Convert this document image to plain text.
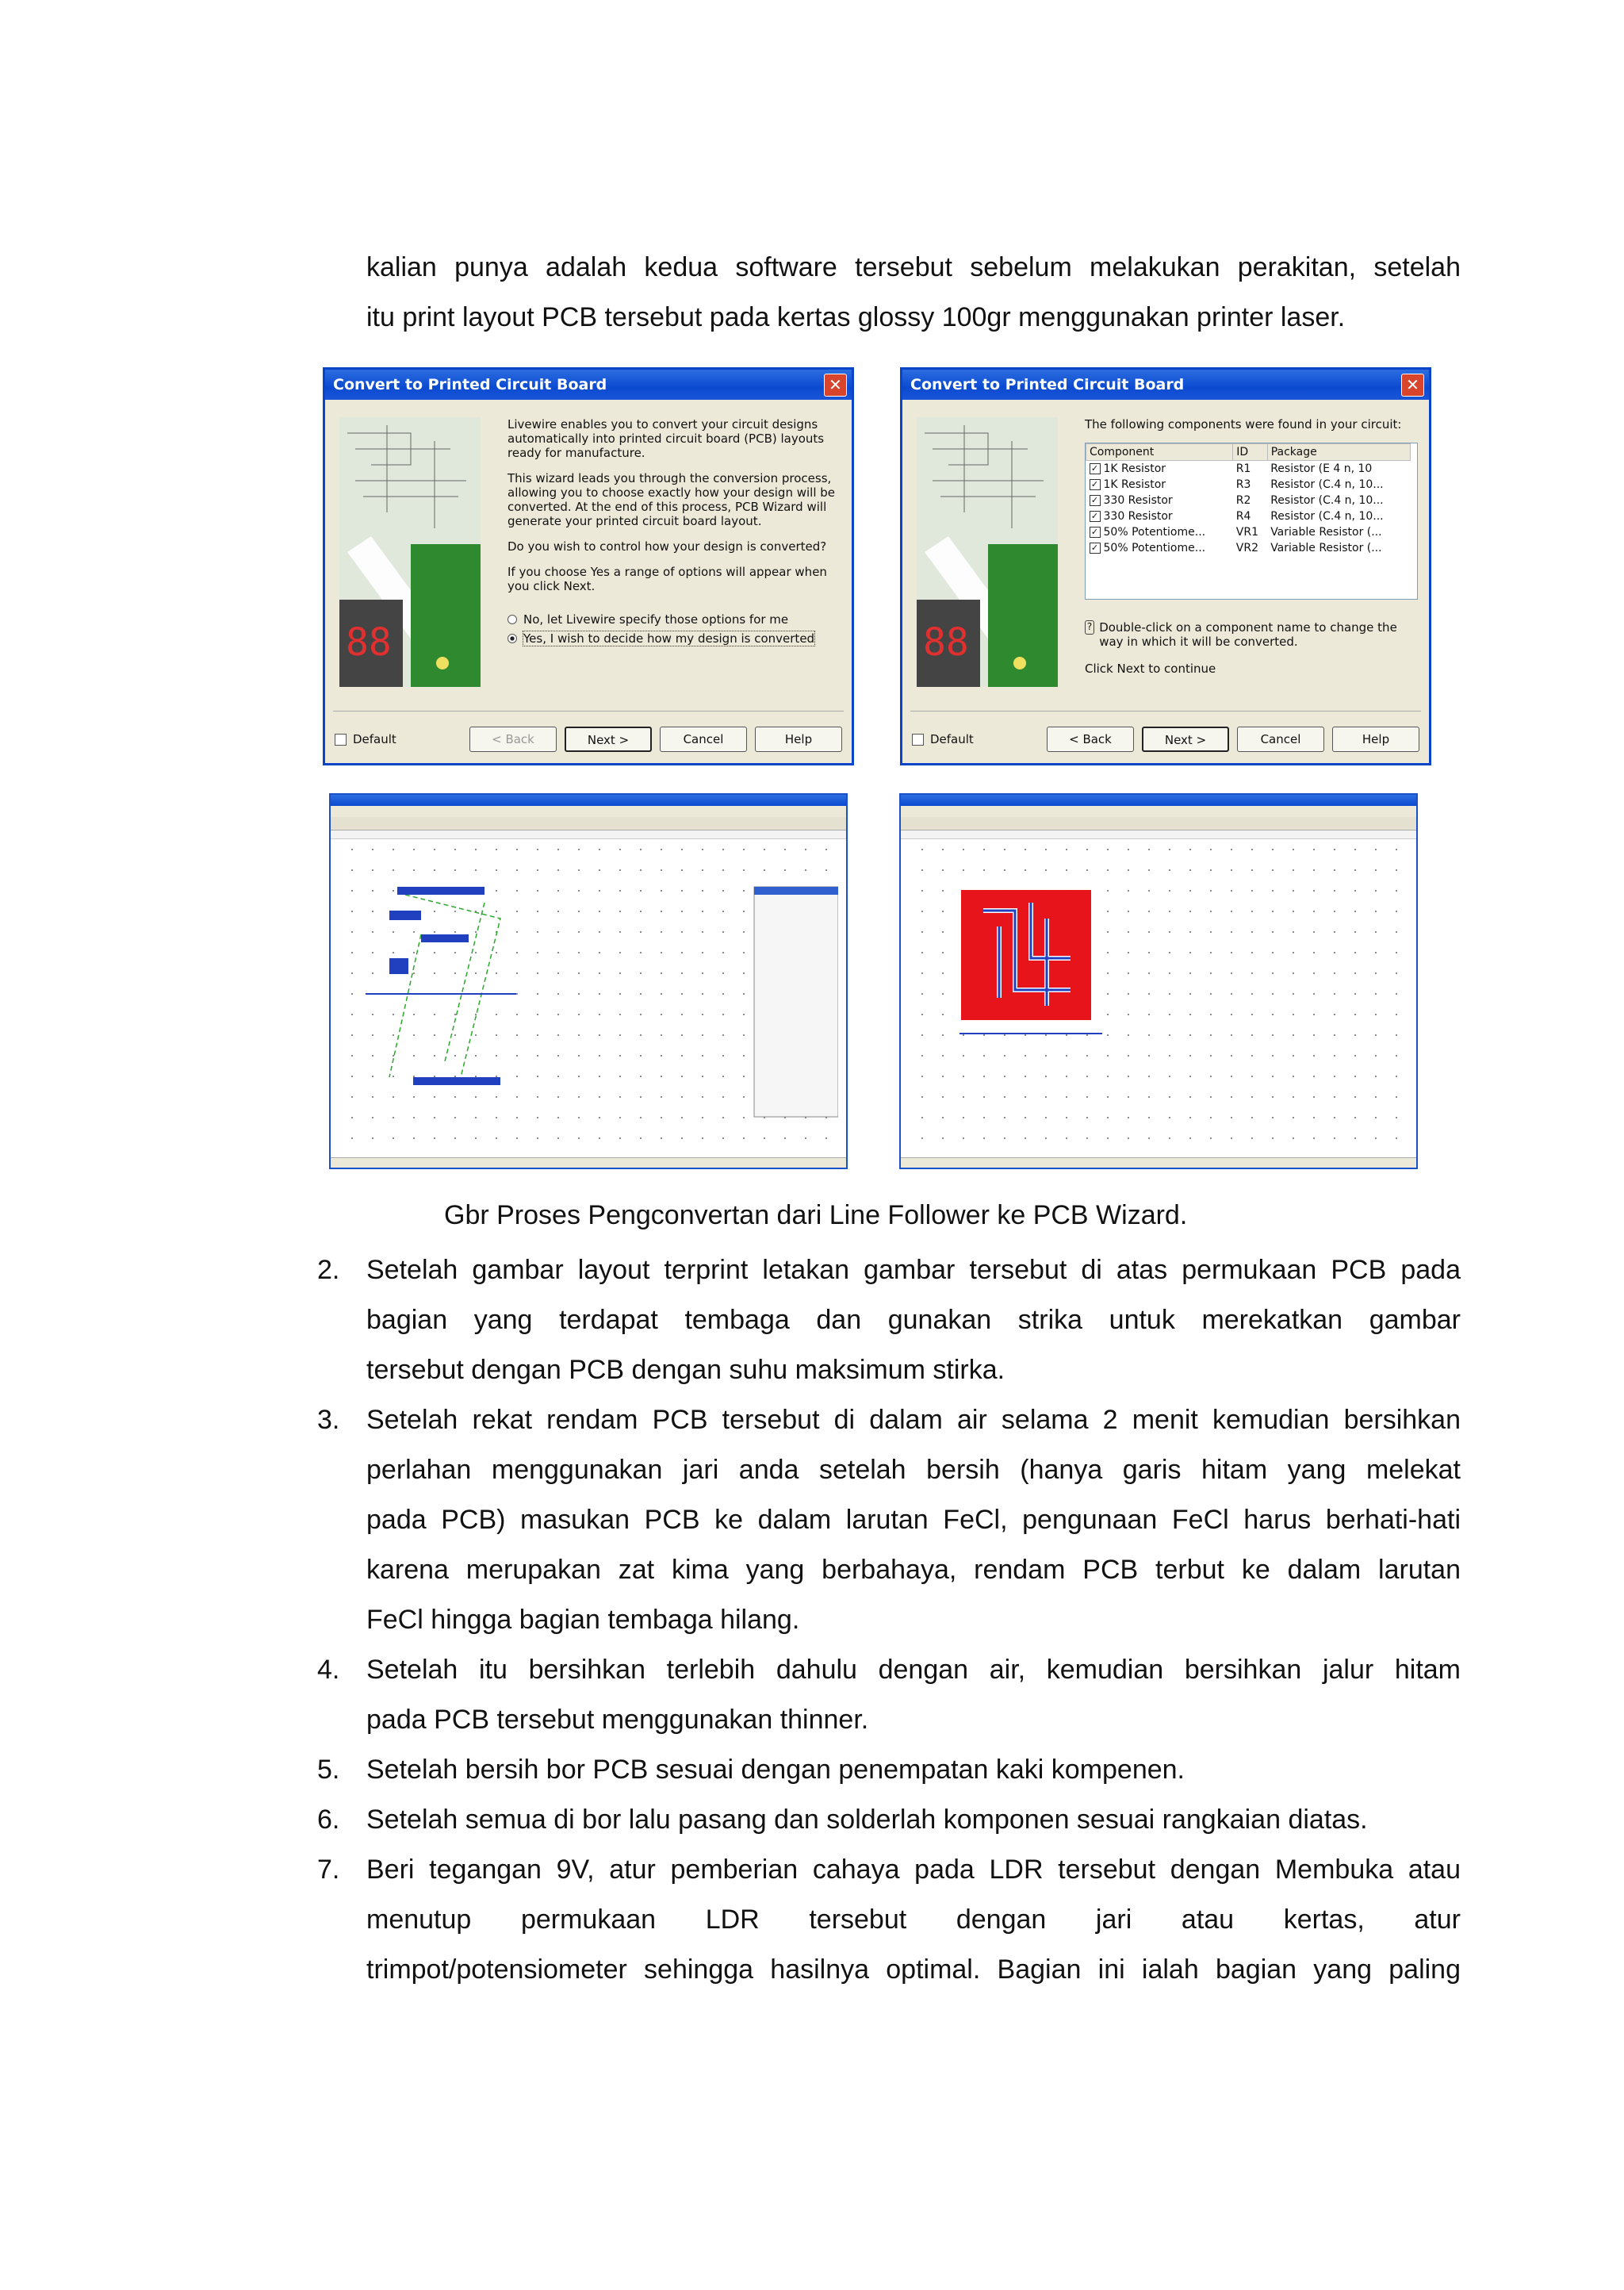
kalian punya adalah kedua software tersebut sebelum melakukan perakitan, setelah
itu print layout PCB tersebut pada kertas glossy 100gr menggunakan printer laser.
Convert to Printed Circuit Board	✕
88

Livewire enables you to convert your circuit designs automatically into printed circuit board (PCB) layouts ready for manufacture.

This wizard leads you through the conversion process, allowing you to choose exactly how your design will be converted. At the end of this process, PCB Wizard will generate your printed circuit board layout.

Do you wish to control how your design is converted?

If you choose Yes a range of options will appear when you click Next.

No, let Livewire specify those options for me
Yes, I wish to decide how my design is converted
Default	< Back	Next >	Cancel	Help
Convert to Printed Circuit Board	✕
88

The following components were found in your circuit:

Component	ID	Package
✓ 1K Resistor	R1	Resistor (E 4 n, 10
✓ 1K Resistor	R3	Resistor (C.4 n, 10...
✓ 330 Resistor	R2	Resistor (C.4 n, 10...
✓ 330 Resistor	R4	Resistor (C.4 n, 10...
✓ 50% Potentiome...	VR1	Variable Resistor (...
✓ 50% Potentiome...	VR2	Variable Resistor (...
? Double-click on a component name to change the way in which it will be converted.

Click Next to continue

Default	< Back	Next >	Cancel	Help
Gbr Proses Pengconvertan dari Line Follower ke PCB Wizard.
2. Setelah gambar layout terprint letakan gambar tersebut di atas permukaan PCB pada
bagian yang terdapat tembaga dan gunakan strika untuk merekatkan gambar
tersebut dengan PCB dengan suhu maksimum stirka.
3. Setelah rekat rendam PCB tersebut di dalam air selama 2 menit kemudian bersihkan
perlahan menggunakan jari anda setelah bersih (hanya garis hitam yang melekat
pada PCB) masukan PCB ke dalam larutan FeCl, pengunaan FeCl harus berhati-hati
karena merupakan zat kima yang berbahaya, rendam PCB terbut ke dalam larutan
FeCl hingga bagian tembaga hilang.
4. Setelah itu bersihkan terlebih dahulu dengan air, kemudian bersihkan jalur hitam
pada PCB tersebut menggunakan thinner.
5. Setelah bersih bor PCB sesuai dengan penempatan kaki kompenen.
6. Setelah semua di bor lalu pasang dan solderlah komponen sesuai rangkaian diatas.
7. Beri tegangan 9V, atur pemberian cahaya pada LDR tersebut dengan Membuka atau
menutup permukaan LDR tersebut dengan jari atau kertas, atur
trimpot/potensiometer sehingga hasilnya optimal. Bagian ini ialah bagian yang paling
